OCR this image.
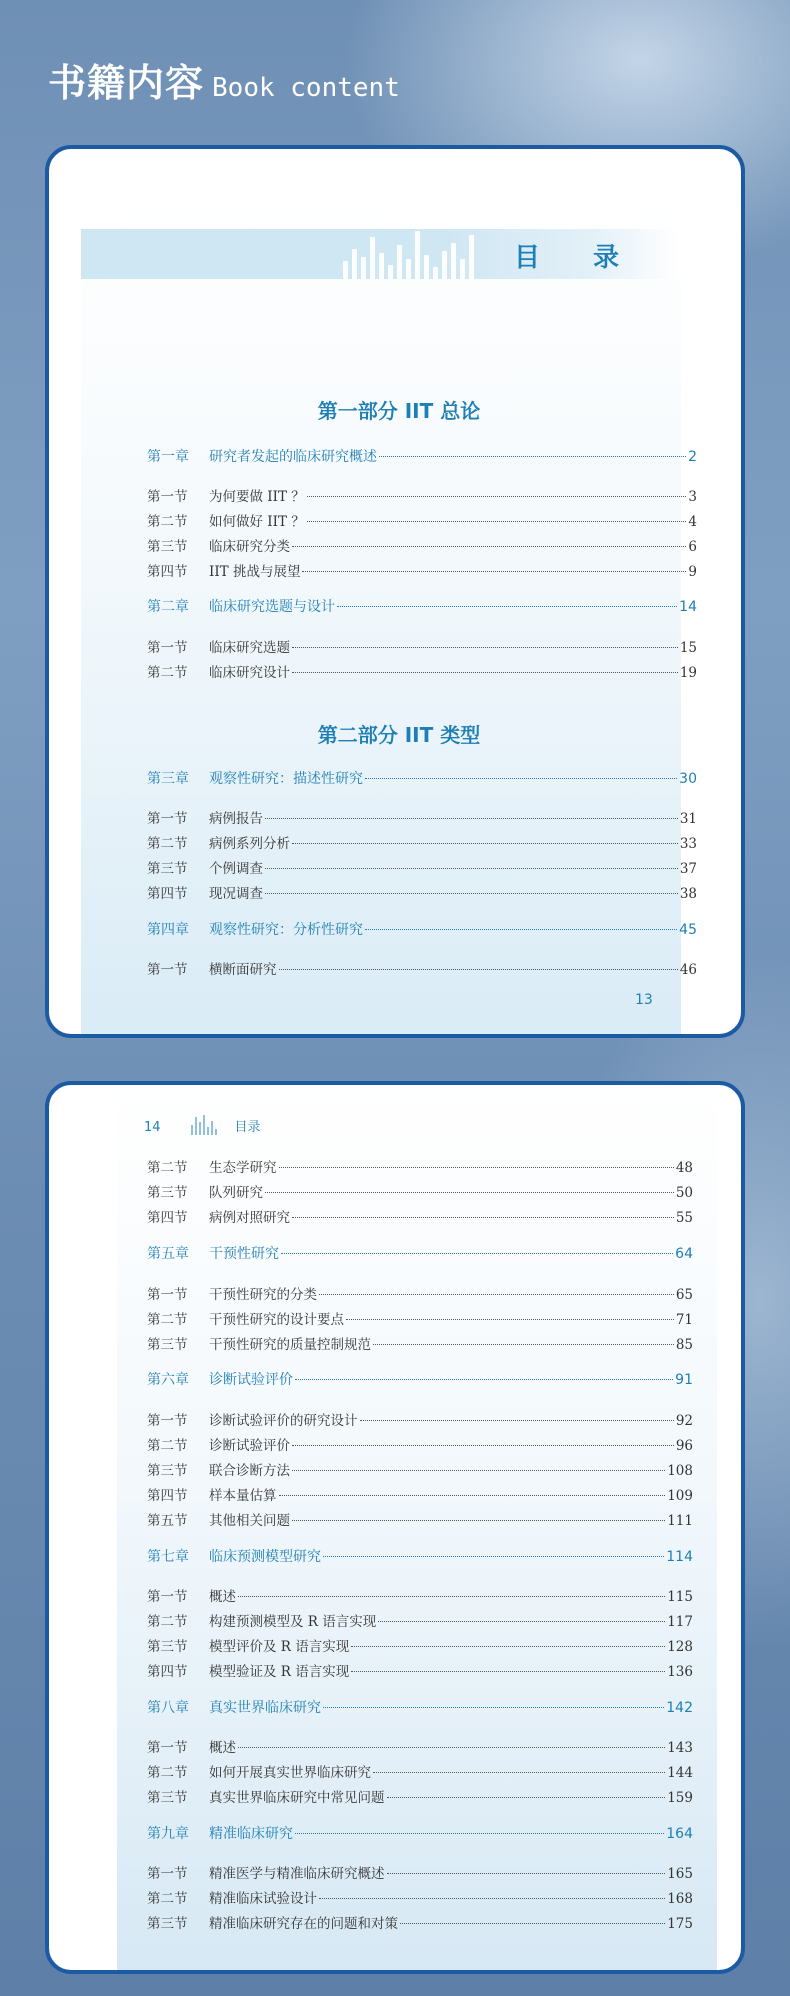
书籍内容 Book content
目 录
第一部分 IIT 总论
第二部分 IIT 类型
第一章	研究者发起的临床研究概述	2
第一节	为何要做 IIT ？	3
第二节	如何做好 IIT ？	4
第三节	临床研究分类	6
第四节	IIT 挑战与展望	9
第二章	临床研究选题与设计	14
第一节	临床研究选题	15
第二节	临床研究设计	19
第三章	观察性研究：描述性研究	30
第一节	病例报告	31
第二节	病例系列分析	33
第三节	个例调查	37
第四节	现况调查	38
第四章	观察性研究：分析性研究	45
第一节	横断面研究	46
13
14	目录
第二节	生态学研究	48
第三节	队列研究	50
第四节	病例对照研究	55
第五章	干预性研究	64
第一节	干预性研究的分类	65
第二节	干预性研究的设计要点	71
第三节	干预性研究的质量控制规范	85
第六章	诊断试验评价	91
第一节	诊断试验评价的研究设计	92
第二节	诊断试验评价	96
第三节	联合诊断方法	108
第四节	样本量估算	109
第五节	其他相关问题	111
第七章	临床预测模型研究	114
第一节	概述	115
第二节	构建预测模型及 R 语言实现	117
第三节	模型评价及 R 语言实现	128
第四节	模型验证及 R 语言实现	136
第八章	真实世界临床研究	142
第一节	概述	143
第二节	如何开展真实世界临床研究	144
第三节	真实世界临床研究中常见问题	159
第九章	精准临床研究	164
第一节	精准医学与精准临床研究概述	165
第二节	精准临床试验设计	168
第三节	精准临床研究存在的问题和对策	175
